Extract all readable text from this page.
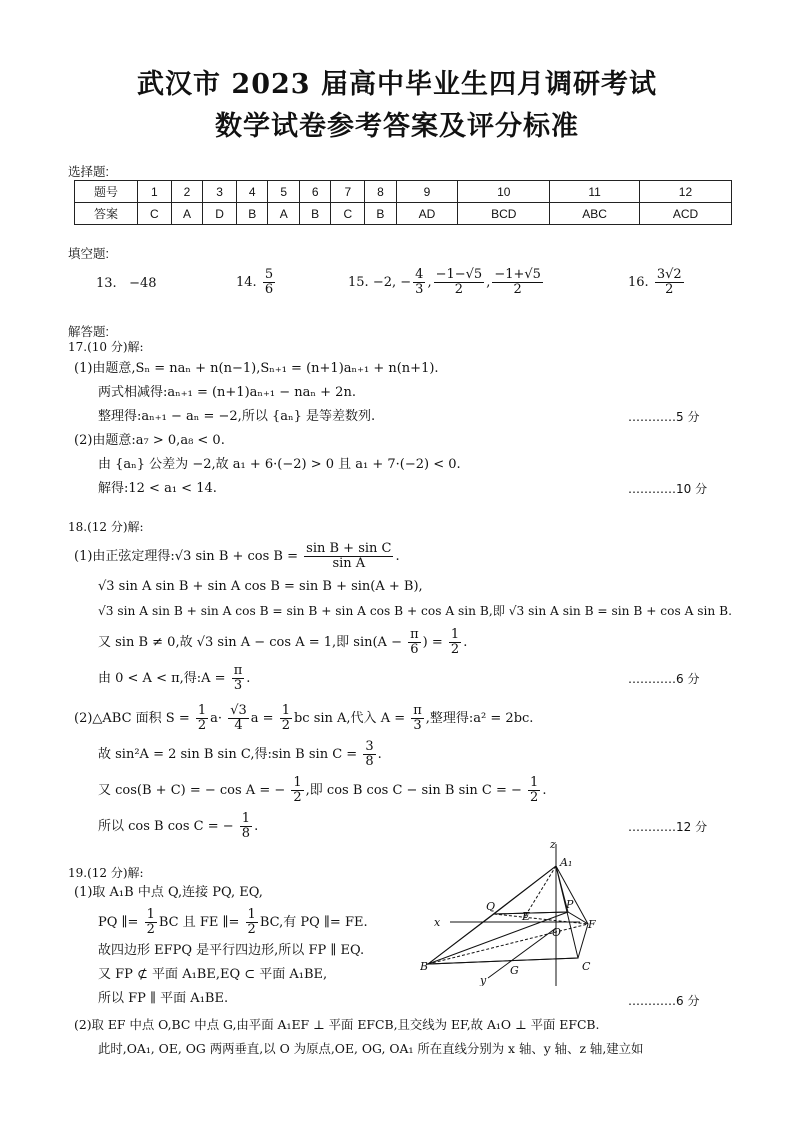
武汉市 2023 届高中毕业生四月调研考试
数学试卷参考答案及评分标准
选择题:
题号	1	2	3	4	5	6	7	8	9	10	11	12
答案	C	A	D	B	A	B	C	B	AD	BCD	ABC	ACD
填空题:
13. −48	14. $\frac{5}{6}$	15. −2, − $\frac{4}{3}$ , $\frac{-1-√5}{2}$ , $\frac{-1+√5}{2}$	16. $\frac{3√2}{2}$
解答题:
17.(10 分)解:
(1)由题意,Sₙ = naₙ + n(n−1),Sₙ₊₁ = (n+1)aₙ₊₁ + n(n+1).
两式相减得:aₙ₊₁ = (n+1)aₙ₊₁ − naₙ + 2n.
整理得:aₙ₊₁ − aₙ = −2,所以 {aₙ} 是等差数列.	…………5 分
(2)由题意:a₇ > 0,a₈ < 0.
由 {aₙ} 公差为 −2,故 a₁ + 6·(−2) > 0 且 a₁ + 7·(−2) < 0.
解得:12 < a₁ < 14.	…………10 分
18.(12 分)解:
(1)由正弦定理得:√3 $\sin B + \cos B = \frac{\text{sin B + sin C}}{\text{sin A}}$ .
√3 sin A sin B + sin A cos B = sin B + sin(A + B),
√3 sin A sin B + sin A cos B = sin B + sin A cos B + cos A sin B,即 √3 sin A sin B = sin B + cos A sin B.
又 sin B ≠ 0,故 √3 sin A − cos A = 1,即 $\sin(A - \frac{\pi}{6}$ ) = $\frac{1}{2}$ .
由 0 < A < π,得:A = $\frac{\pi}{3}$ .	…………6 分
(2)△ABC 面积 $S = \frac{1}{2} a\cdot \frac{√3}{4}$ $a = \frac{1}{2}$ bc sin A,代入 $A = \frac{\pi}{3}$ ,整理得:a² = 2bc.
故 sin²A = 2 sin B sin C,得:sin B $\sin C = \frac{3}{8}$ .
又 cos(B + C) = − cos A = − $\frac{1}{2}$ ,即 cos B cos C − sin B sin C = − $\frac{1}{2}$ .
所以 cos B cos C = − $\frac{1}{8}$ .	…………12 分
19.(12 分)解:
(1)取 A₁B 中点 Q,连接 PQ, EQ,
PQ ∥= $\frac{1}{2}$ BC 且 FE ∥= $\frac{1}{2}$ BC,有 PQ ∥= FE.
故四边形 EFPQ 是平行四边形,所以 FP ∥ EQ.
又 FP ⊄ 平面 A₁BE,EQ ⊂ 平面 A₁BE,
所以 FP ∥ 平面 A₁BE.	…………6 分
(2)取 EF 中点 O,BC 中点 G,由平面 A₁EF ⊥ 平面 EFCB,且交线为 EF,故 A₁O ⊥ 平面 EFCB.
此时,OA₁, OE, OG 两两垂直,以 O 为原点,OE, OG, OA₁ 所在直线分别为 x 轴、y 轴、z 轴,建立如
z
A₁
Q
E
P
F
O
x
B	G	C
y
